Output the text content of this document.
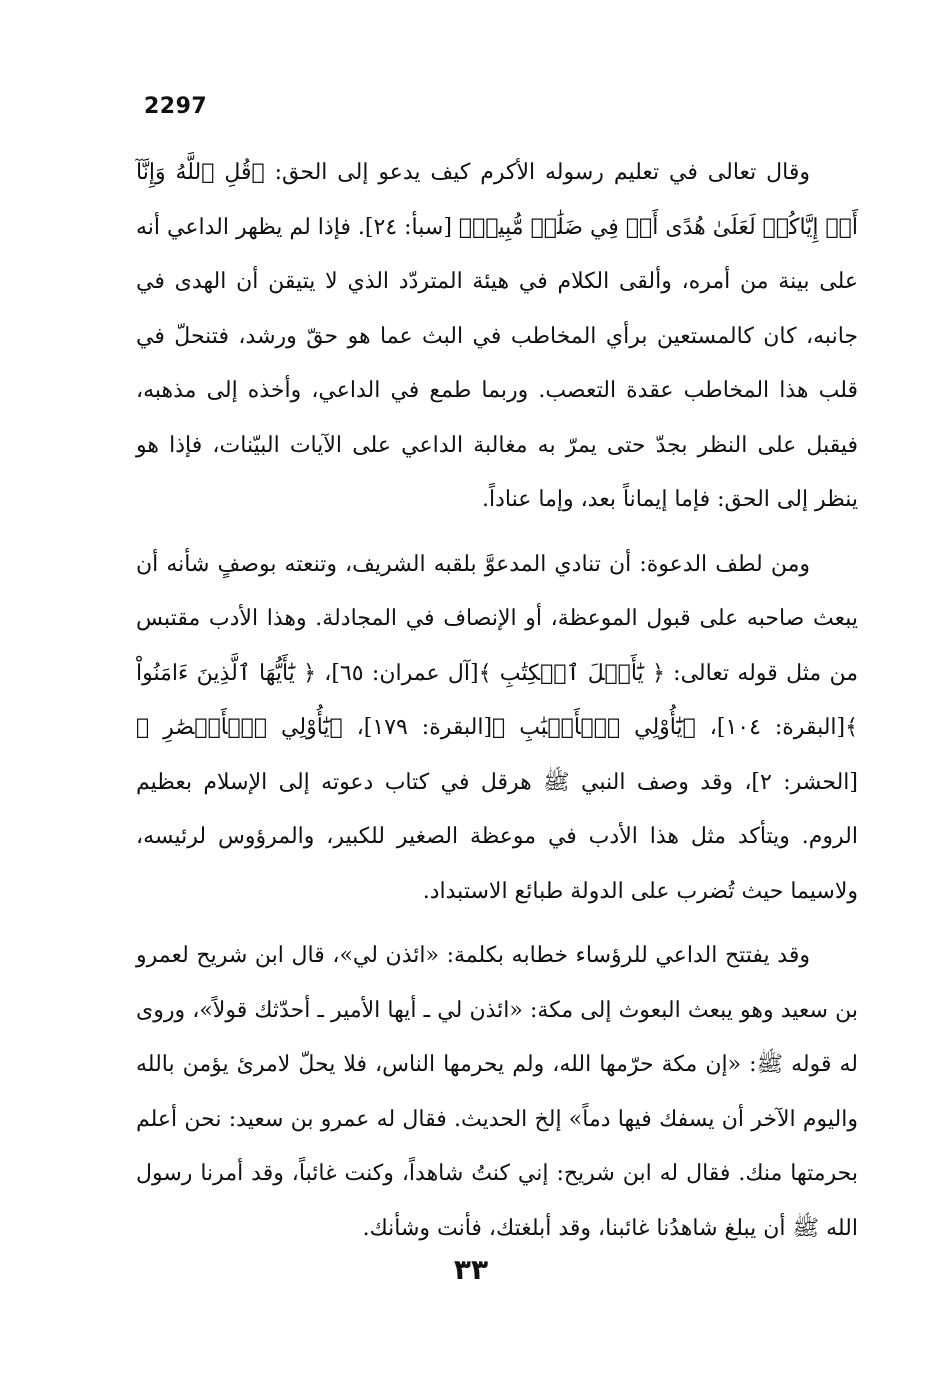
2297

وقال تعالى في تعليم رسوله الأكرم كيف يدعو إلى الحق: ﴿قُلِ ٱللَّهُ وَإِنَّآ أَوۡ إِيَّاكُمۡ لَعَلَىٰ هُدًى أَوۡ فِي ضَلَٰلٖ مُّبِينٖ﴾ [سبأ: ٢٤]. فإذا لم يظهر الداعي أنه على بينة من أمره، وألقى الكلام في هيئة المتردّد الذي لا يتيقن أن الهدى في جانبه، كان كالمستعين برأي المخاطب في البث عما هو حقّ ورشد، فتنحلّ في قلب هذا المخاطب عقدة التعصب. وربما طمع في الداعي، وأخذه إلى مذهبه، فيقبل على النظر بجدّ حتى يمرّ به مغالبة الداعي على الآيات البيّنات، فإذا هو ينظر إلى الحق: فإما إيماناً بعد، وإما عناداً.

ومن لطف الدعوة: أن تنادي المدعوَّ بلقبه الشريف، وتنعته بوصفٍ شأنه أن يبعث صاحبه على قبول الموعظة، أو الإنصاف في المجادلة. وهذا الأدب مقتبس من مثل قوله تعالى: ﴿ يَٰٓأَهۡلَ ٱلۡكِتَٰبِ ﴾[آل عمران: ٦٥]، ﴿ يَٰٓأَيُّهَا ٱلَّذِينَ ءَامَنُواْ ﴾[البقرة: ١٠٤]، ﴿يَٰٓأُوْلِي ٱلۡأَلۡبَٰبِ ﴾[البقرة: ١٧٩]، ﴿يَٰٓأُوْلِي ٱلۡأَبۡصَٰرِ ﴾[الحشر: ٢]، وقد وصف النبي ﷺ هرقل في كتاب دعوته إلى الإسلام بعظيم الروم. ويتأكد مثل هذا الأدب في موعظة الصغير للكبير، والمرؤوس لرئيسه، ولاسيما حيث تُضرب على الدولة طبائع الاستبداد.

وقد يفتتح الداعي للرؤساء خطابه بكلمة: «ائذن لي»، قال ابن شريح لعمرو بن سعيد وهو يبعث البعوث إلى مكة: «ائذن لي ـ أيها الأمير ـ أحدّثك قولاً»، وروى له قوله ﷺ: «إن مكة حرّمها الله، ولم يحرمها الناس، فلا يحلّ لامرئ يؤمن بالله واليوم الآخر أن يسفك فيها دماً» إلخ الحديث. فقال له عمرو بن سعيد: نحن أعلم بحرمتها منك. فقال له ابن شريح: إني كنتُ شاهداً، وكنت غائباً، وقد أمرنا رسول الله ﷺ أن يبلغ شاهدُنا غائبنا، وقد أبلغتك، فأنت وشأنك.

٣٣
